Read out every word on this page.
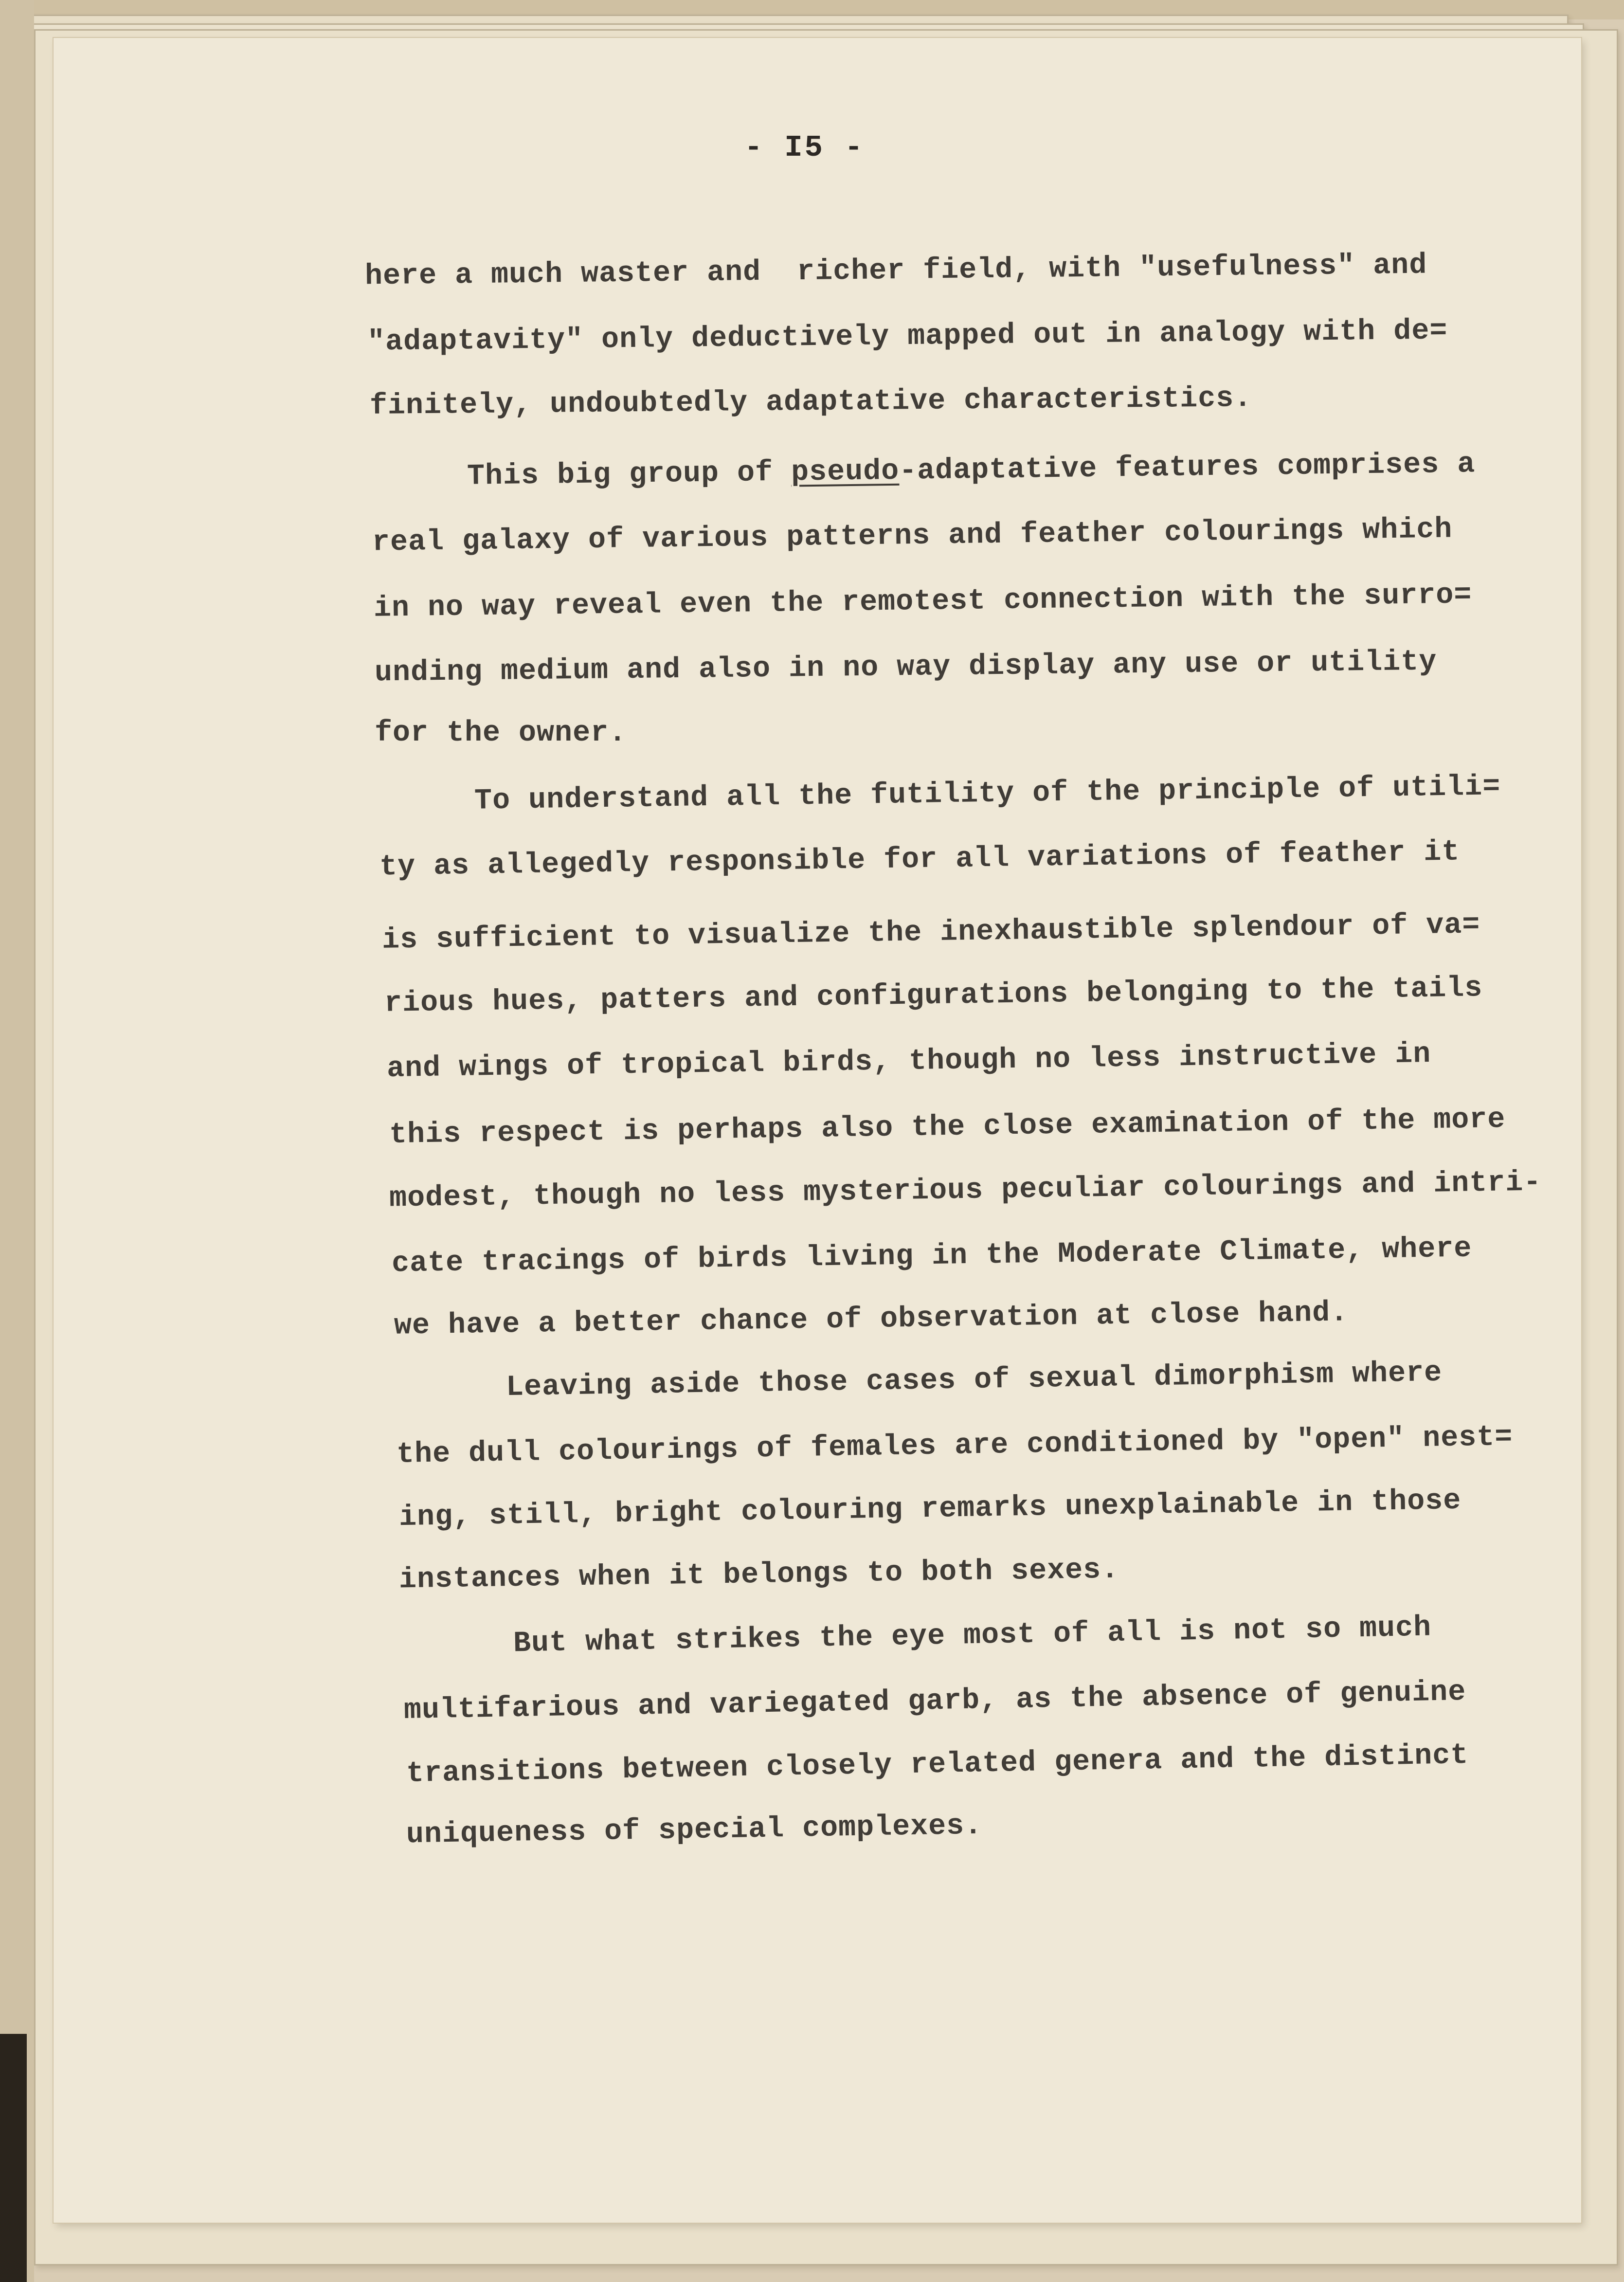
- I5 -
here a much waster and  richer field, with "usefulness" and
"adaptavity" only deductively mapped out in analogy with de=
finitely, undoubtedly adaptative characteristics.
This big group of pseudo-adaptative features comprises a
real galaxy of various patterns and feather colourings which
in no way reveal even the remotest connection with the surro=
unding medium and also in no way display any use or utility
for the owner.
To understand all the futility of the principle of utili=
ty as allegedly responsible for all variations of feather it
is sufficient to visualize the inexhaustible splendour of va=
rious hues, patters and configurations belonging to the tails
and wings of tropical birds, though no less instructive in
this respect is perhaps also the close examination of the more
modest, though no less mysterious peculiar colourings and intri-
cate tracings of birds living in the Moderate Climate, where
we have a better chance of observation at close hand.
Leaving aside those cases of sexual dimorphism where
the dull colourings of females are conditioned by "open" nest=
ing, still, bright colouring remarks unexplainable in those
instances when it belongs to both sexes.
But what strikes the eye most of all is not so much
multifarious and variegated garb, as the absence of genuine
transitions between closely related genera and the distinct
uniqueness of special complexes.
